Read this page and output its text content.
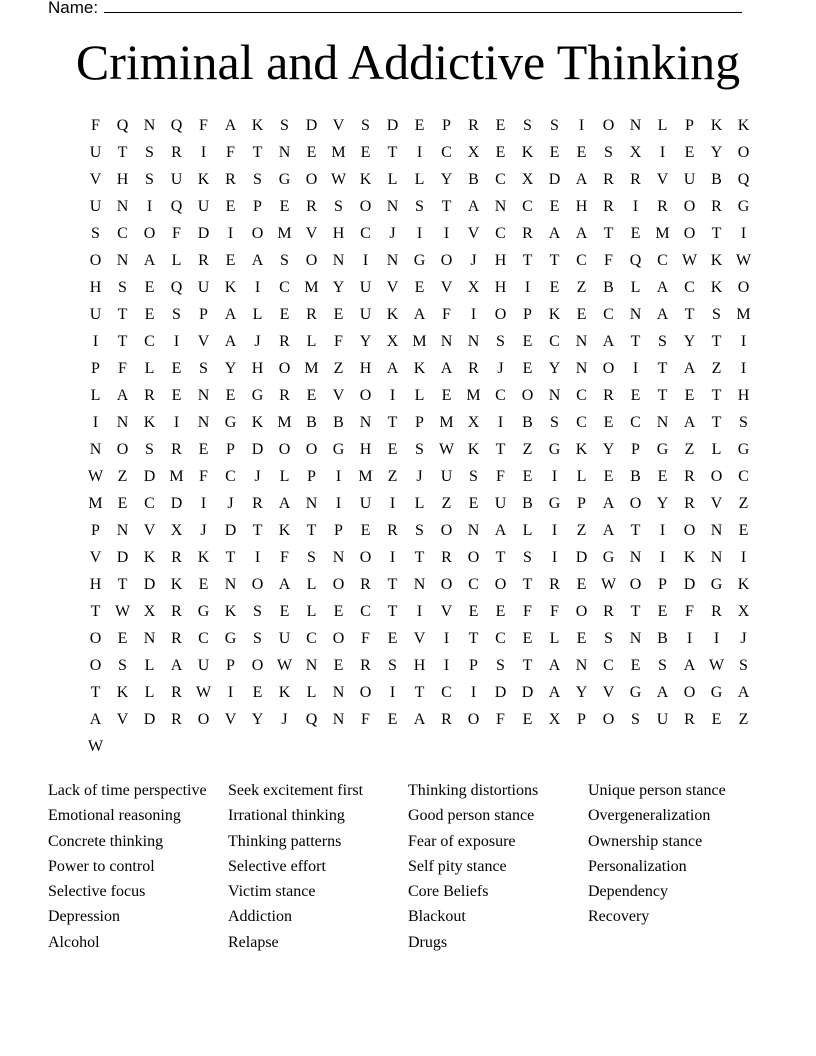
Name:
Criminal and Addictive Thinking
F	Q N Q	F	A K	S	D V	S	D	E	P	R	E	S	S	I	O N	L	P	K K
U	T	S	R	I	F	T	N	E M E	T	I	C X	E	K	E	E	S	X	I	E	Y O
V H	S	U K R	S	G O W K	L	L	Y B	C X D A R	R V U B Q
U N	I	Q U	E	P	E	R	S	O N	S	T	A N C	E	H R	I	R O R G
S	C O	F	D	I	O M V H C	J	I	I	V C	R A A	T	E M O	T	I
O N A	L	R	E	A	S	O N	I	N G O	J	H	T	T	C	F	Q C W K W
H	S	E	Q U K	I	C M Y U V	E	V X H	I	E	Z	B	L	A C K O
U	T	E	S	P	A	L	E	R	E	U K A	F	I	O	P	K	E	C N A	T	S M
I	T	C	I	V A	J	R	L	F	Y X M N N	S	E	C N A	T	S	Y	T	I
P	F	L	E	S	Y H O M Z	H A K A R	J	E	Y N O	I	T	A	Z	I
L	A R	E	N	E	G R	E	V O	I	L	E M C O N C	R	E	T	E	T	H
I	N K	I	N G K M B	B N	T	P M X	I	B	S	C	E	C N A	T	S
N O	S	R	E	P	D O O G H	E	S W K	T	Z	G K Y	P	G	Z	L	G
W Z	D M F	C	J	L	P	I	M Z	J	U	S	F	E	I	L	E	B	E	R O C
M E	C D	I	J	R A N	I	U	I	L	Z	E	U B G	P	A O Y R V	Z
P	N V X	J	D	T	K	T	P	E	R	S	O N A	L	I	Z	A	T	I	O N	E
V D K R K	T	I	F	S	N O	I	T	R O	T	S	I	D G N	I	K N	I
H	T	D K	E	N O A	L	O R	T	N O C O	T	R	E W O	P	D G K
T W X R G K	S	E	L	E	C	T	I	V	E	E	F	F	O R	T	E	F	R X
O	E	N R	C G	S	U C O	F	E	V	I	T	C	E	L	E	S	N B	I	I	J
O	S	L	A U	P	O W N	E	R	S	H	I	P	S	T	A N C	E	S	A W S
T	K	L	R W	I	E	K	L	N O	I	T	C	I	D D A Y V G A O G A
A V D R O V Y	J	Q N	F	E	A R O	F	E	X	P	O	S	U R	E	Z
W
Lack of time perspective	Seek excitement first	Thinking distortions	Unique person stance
Emotional reasoning	Irrational thinking	Good person stance	Overgeneralization
Concrete thinking	Thinking patterns	Fear of exposure	Ownership stance
Power to control	Selective effort	Self pity stance	Personalization
Selective focus	Victim stance	Core Beliefs	Dependency
Depression	Addiction	Blackout	Recovery
Alcohol	Relapse	Drugs
